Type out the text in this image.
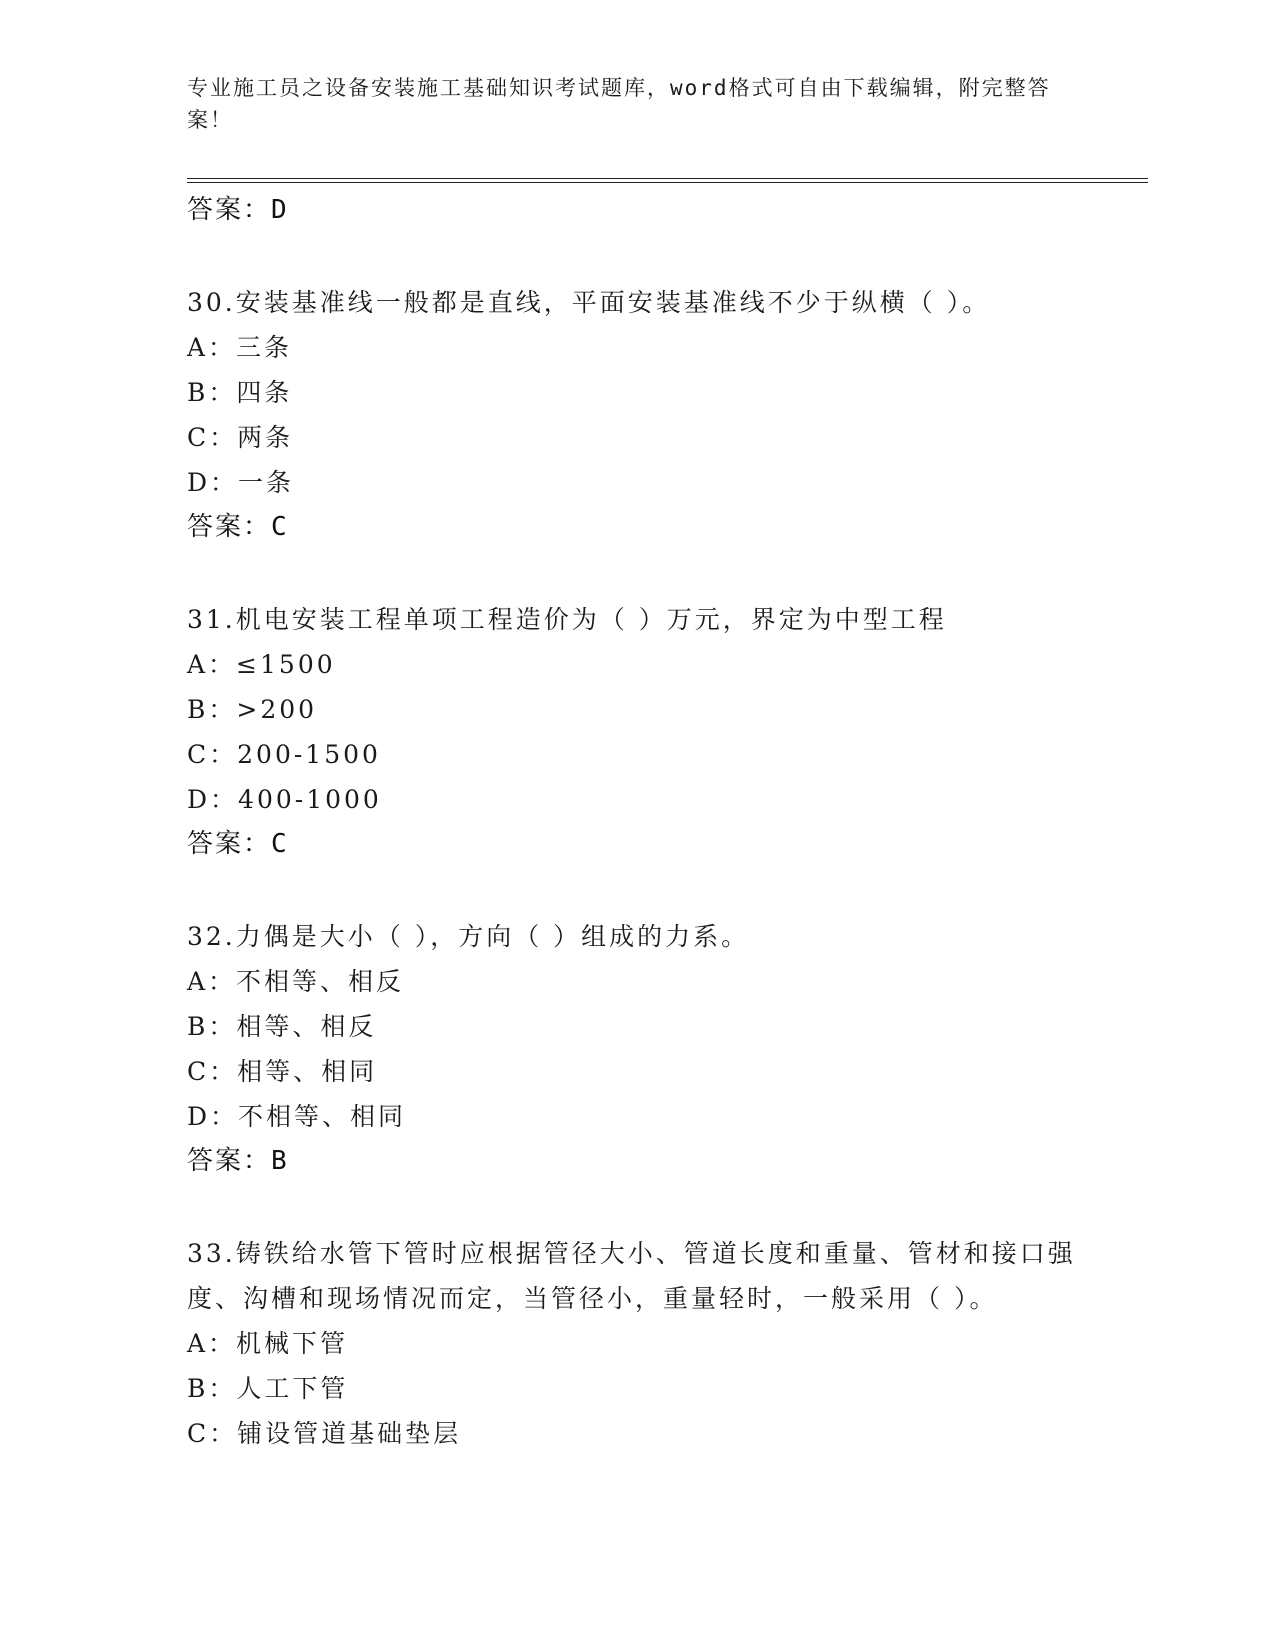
专业施工员之设备安装施工基础知识考试题库，word格式可自由下载编辑，附完整答案！
答案：D
30.安装基准线一般都是直线，平面安装基准线不少于纵横（ ）。
A：三条
B：四条
C：两条
D：一条
答案：C
31.机电安装工程单项工程造价为（ ）万元，界定为中型工程
A：≤1500
B：>200
C：200-1500
D：400-1000
答案：C
32.力偶是大小（ ），方向（ ）组成的力系。
A：不相等、相反
B：相等、相反
C：相等、相同
D：不相等、相同
答案：B
33.铸铁给水管下管时应根据管径大小、管道长度和重量、管材和接口强度、沟槽和现场情况而定，当管径小，重量轻时，一般采用（ ）。
A：机械下管
B：人工下管
C：铺设管道基础垫层
